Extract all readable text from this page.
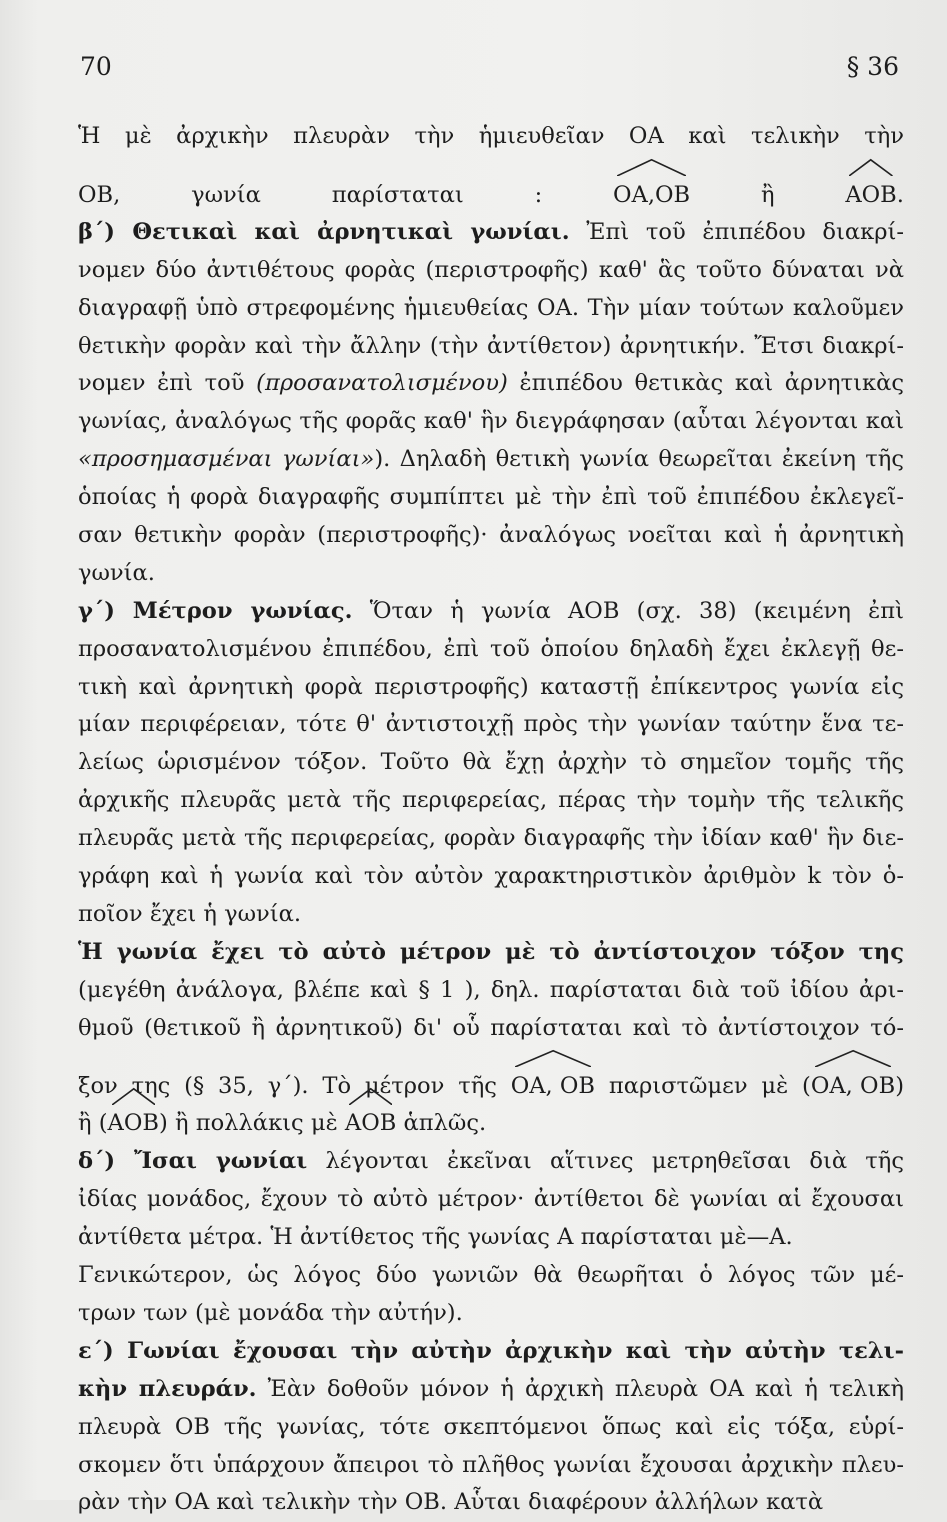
70	§ 36
Ἡ μὲ ἀρχικὴν πλευρὰν τὴν ἡμιευθεῖαν ΟΑ καὶ τελικὴν τὴν
ΟΒ, γωνία παρίσταται :
ΟΑ,ΟΒ ἢ
ΑΟΒ.
β´) Θετικαὶ καὶ ἀρνητικαὶ γωνίαι. Ἐπὶ τοῦ ἐπιπέδου διακρί-
νομεν δύο ἀντιθέτους φορὰς (περιστροφῆς) καθ' ἃς τοῦτο δύναται νὰ
διαγραφῇ ὑπὸ στρεφομένης ἡμιευθείας ΟΑ. Τὴν μίαν τούτων καλοῦμεν
θετικὴν φορὰν καὶ τὴν ἄλλην (τὴν ἀντίθετον) ἀρνητικήν. Ἔτσι διακρί-
νομεν ἐπὶ τοῦ (προσανατολισμένου) ἐπιπέδου θετικὰς καὶ ἀρνητικὰς
γωνίας, ἀναλόγως τῆς φορᾶς καθ' ἣν διεγράφησαν (αὗται λέγονται καὶ
«προσημασμέναι γωνίαι»). Δηλαδὴ θετικὴ γωνία θεωρεῖται ἐκείνη τῆς
ὁποίας ἡ φορὰ διαγραφῆς συμπίπτει μὲ τὴν ἐπὶ τοῦ ἐπιπέδου ἐκλεγεῖ-
σαν θετικὴν φορὰν (περιστροφῆς)· ἀναλόγως νοεῖται καὶ ἡ ἀρνητικὴ
γωνία.
γ´) Μέτρον γωνίας. Ὅταν ἡ γωνία ΑΟΒ (σχ. 38) (κειμένη ἐπὶ
προσανατολισμένου ἐπιπέδου, ἐπὶ τοῦ ὁποίου δηλαδὴ ἔχει ἐκλεγῇ θε-
τικὴ καὶ ἀρνητικὴ φορὰ περιστροφῆς) καταστῇ ἐπίκεντρος γωνία εἰς
μίαν περιφέρειαν, τότε θ' ἀντιστοιχῇ πρὸς τὴν γωνίαν ταύτην ἕνα τε-
λείως ὡρισμένον τόξον. Τοῦτο θὰ ἔχῃ ἀρχὴν τὸ σημεῖον τομῆς τῆς
ἀρχικῆς πλευρᾶς μετὰ τῆς περιφερείας, πέρας τὴν τομὴν τῆς τελικῆς
πλευρᾶς μετὰ τῆς περιφερείας, φορὰν διαγραφῆς τὴν ἰδίαν καθ' ἣν διε-
γράφη καὶ ἡ γωνία καὶ τὸν αὐτὸν χαρακτηριστικὸν ἀριθμὸν k τὸν ὁ-
ποῖον ἔχει ἡ γωνία.
Ἡ γωνία ἔχει τὸ αὐτὸ μέτρον μὲ τὸ ἀντίστοιχον τόξον της
(μεγέθη ἀνάλογα, βλέπε καὶ § 1 ), δηλ. παρίσταται διὰ τοῦ ἰδίου ἀρι-
θμοῦ (θετικοῦ ἢ ἀρνητικοῦ) δι' οὗ παρίσταται καὶ τὸ ἀντίστοιχον τό-
ξον της (§ 35, γ´). Τὸ μέτρον τῆς
ΟΑ, ΟΒ παριστῶμεν μὲ (
ΟΑ, ΟΒ)
ἢ (
ΑΟΒ) ἢ πολλάκις μὲ
ΑΟΒ ἁπλῶς.
δ´) Ἴσαι γωνίαι λέγονται ἐκεῖναι αἵτινες μετρηθεῖσαι διὰ τῆς
ἰδίας μονάδος, ἔχουν τὸ αὐτὸ μέτρον· ἀντίθετοι δὲ γωνίαι αἱ ἔχουσαι
ἀντίθετα μέτρα. Ἡ ἀντίθετος τῆς γωνίας Α παρίσταται μὲ—Α.
Γενικώτερον, ὡς λόγος δύο γωνιῶν θὰ θεωρῆται ὁ λόγος τῶν μέ-
τρων των (μὲ μονάδα τὴν αὐτήν).
ε´) Γωνίαι ἔχουσαι τὴν αὐτὴν ἀρχικὴν καὶ τὴν αὐτὴν τελι-
κὴν πλευράν. Ἐὰν δοθοῦν μόνον ἡ ἀρχικὴ πλευρὰ ΟΑ καὶ ἡ τελικὴ
πλευρὰ ΟΒ τῆς γωνίας, τότε σκεπτόμενοι ὅπως καὶ εἰς τόξα, εὑρί-
σκομεν ὅτι ὑπάρχουν ἄπειροι τὸ πλῆθος γωνίαι ἔχουσαι ἀρχικὴν πλευ-
ρὰν τὴν ΟΑ καὶ τελικὴν τὴν ΟΒ. Αὗται διαφέρουν ἀλλήλων κατὰ
